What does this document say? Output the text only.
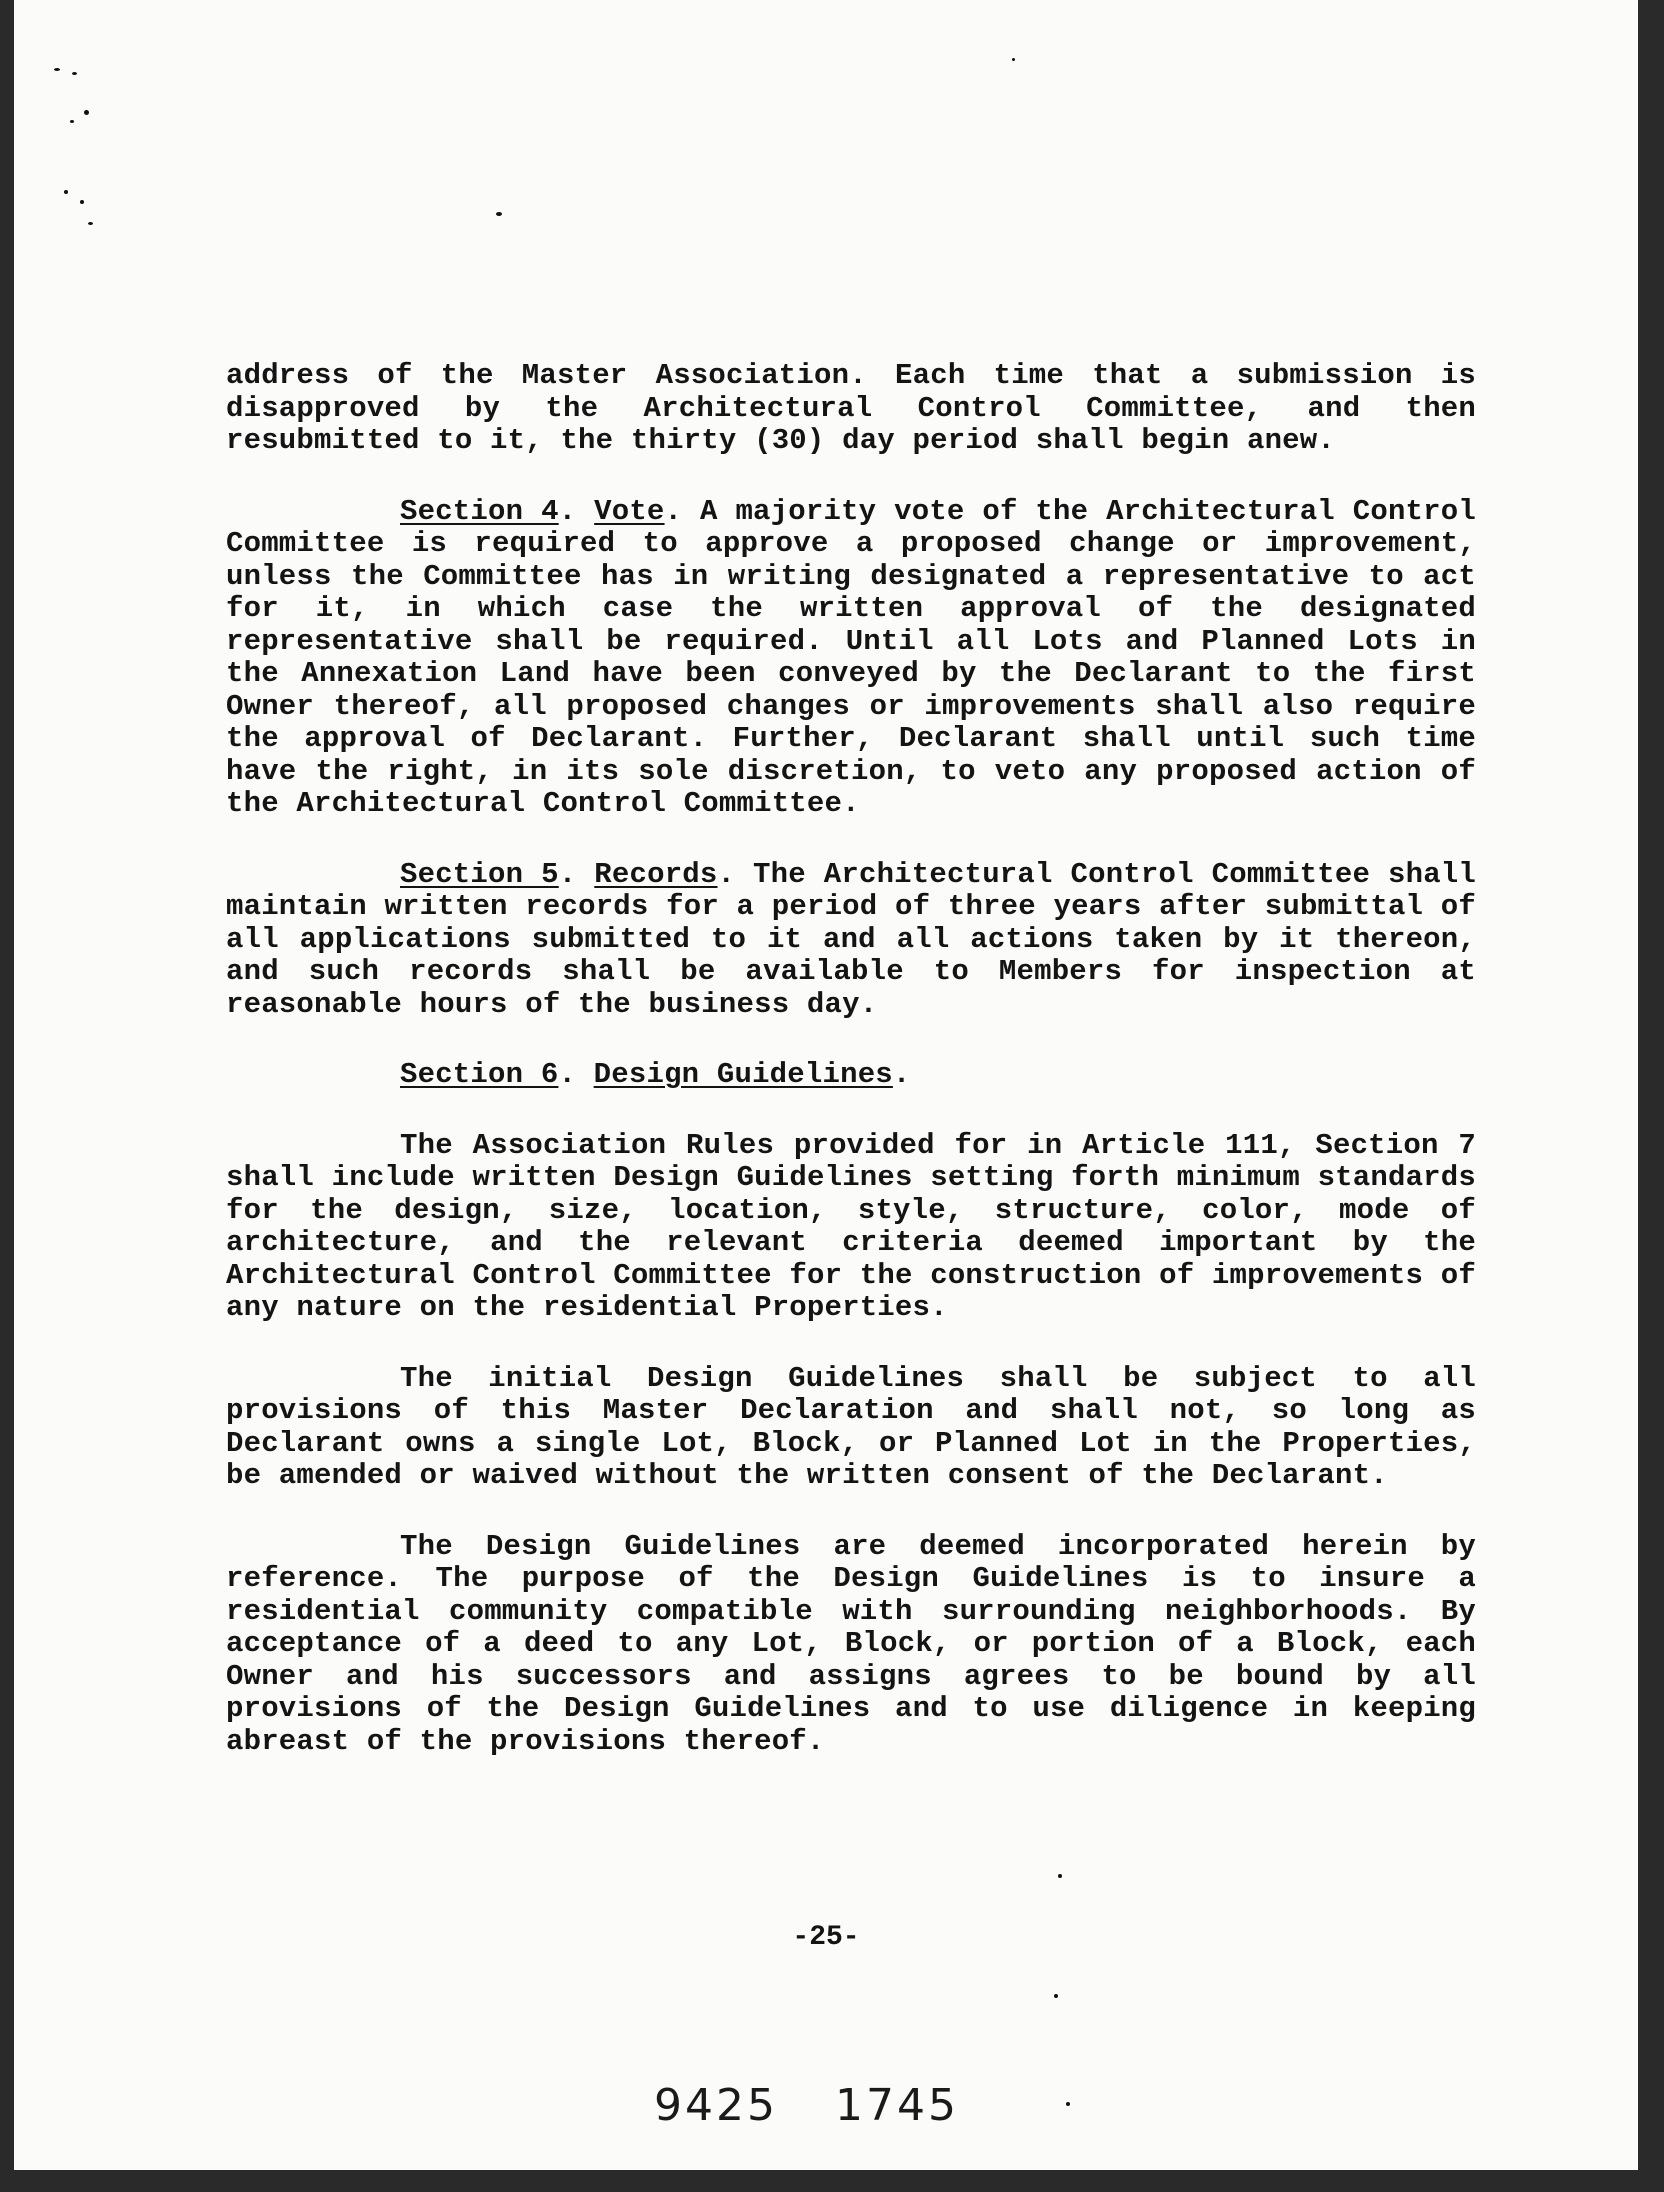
address of the Master Association. Each time that a submission is disapproved by the Architectural Control Committee, and then resubmitted to it, the thirty (30) day period shall begin anew.

Section 4. Vote. A majority vote of the Architectural Control Committee is required to approve a proposed change or improvement, unless the Committee has in writing designated a representative to act for it, in which case the written approval of the designated representative shall be required. Until all Lots and Planned Lots in the Annexation Land have been conveyed by the Declarant to the first Owner thereof, all proposed changes or improvements shall also require the approval of Declarant. Further, Declarant shall until such time have the right, in its sole discretion, to veto any proposed action of the Architectural Control Committee.

Section 5. Records. The Architectural Control Committee shall maintain written records for a period of three years after submittal of all applications submitted to it and all actions taken by it thereon, and such records shall be available to Members for inspection at reasonable hours of the business day.

Section 6. Design Guidelines.

The Association Rules provided for in Article 111, Section 7 shall include written Design Guidelines setting forth minimum standards for the design, size, location, style, structure, color, mode of architecture, and the relevant criteria deemed important by the Architectural Control Committee for the construction of improvements of any nature on the residential Properties.

The initial Design Guidelines shall be subject to all provisions of this Master Declaration and shall not, so long as Declarant owns a single Lot, Block, or Planned Lot in the Properties, be amended or waived without the written consent of the Declarant.

The Design Guidelines are deemed incorporated herein by reference. The purpose of the Design Guidelines is to insure a residential community compatible with surrounding neighborhoods. By acceptance of a deed to any Lot, Block, or portion of a Block, each Owner and his successors and assigns agrees to be bound by all provisions of the Design Guidelines and to use diligence in keeping abreast of the provisions thereof.

-25-
9425 1745
